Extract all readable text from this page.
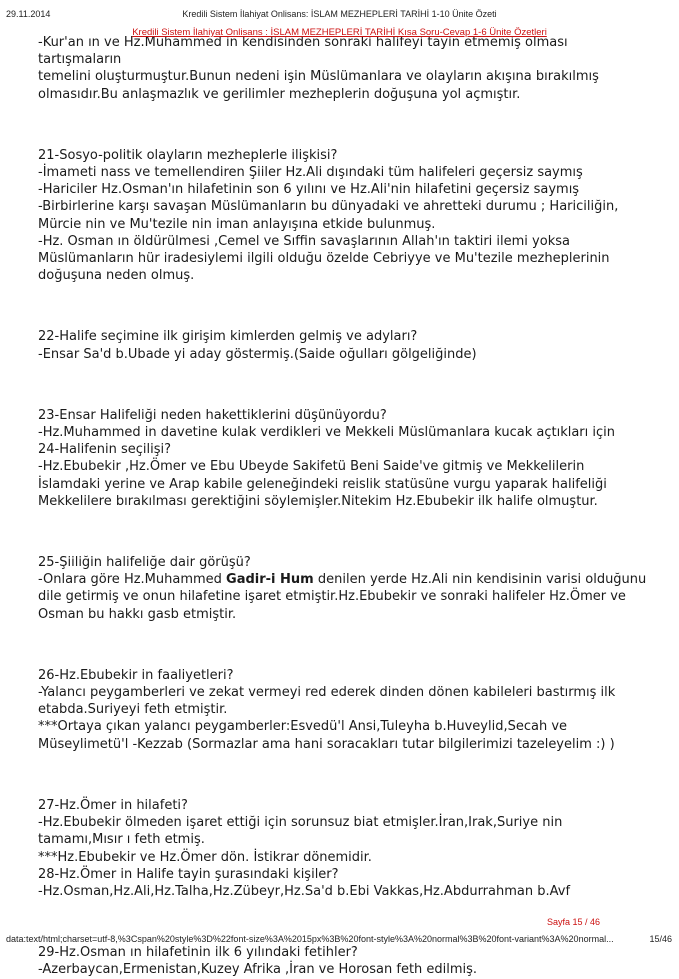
29.11.2014	Kredili Sistem İlahiyat Onlisans: İSLAM MEZHEPLERİ TARİHİ 1-10 Ünite Özeti
Kredili Sistem İlahiyat Onlisans : İSLAM MEZHEPLERİ TARİHİ Kısa Soru-Cevap 1-6 Ünite Özetleri

-Kur'an ın ve Hz.Muhammed in kendisinden sonraki halifeyi tayin etmemiş olması tartışmaların

temelini oluşturmuştur.Bunun nedeni işin Müslümanlara ve olayların akışına bırakılmış

olmasıdır.Bu anlaşmazlık ve gerilimler mezheplerin doğuşuna yol açmıştır.

21-Sosyo-politik olayların mezheplerle ilişkisi?

-İmameti nass ve temellendiren Şiiler Hz.Ali dışındaki tüm halifeleri geçersiz saymış

-Hariciler Hz.Osman'ın hilafetinin son 6 yılını ve Hz.Ali'nin hilafetini geçersiz saymış

-Birbirlerine karşı savaşan Müslümanların bu dünyadaki ve ahretteki durumu ; Hariciliğin,

Mürcie nin ve Mu'tezile nin iman anlayışına etkide bulunmuş.

-Hz. Osman ın öldürülmesi ,Cemel ve Sıffin savaşlarının Allah'ın taktiri ilemi yoksa

Müslümanların hür iradesiylemi ilgili olduğu özelde Cebriyye ve Mu'tezile mezheplerinin

doğuşuna neden olmuş.

22-Halife seçimine ilk girişim kimlerden gelmiş ve adyları?

-Ensar Sa'd b.Ubade yi aday göstermiş.(Saide oğulları gölgeliğinde)

23-Ensar Halifeliği neden hakettiklerini düşünüyordu?

-Hz.Muhammed in davetine kulak verdikleri ve Mekkeli Müslümanlara kucak açtıkları için

24-Halifenin seçilişi?

-Hz.Ebubekir ,Hz.Ömer ve Ebu Ubeyde Sakifetü Beni Saide've gitmiş ve Mekkelilerin

İslamdaki yerine ve Arap kabile geleneğindeki reislik statüsüne vurgu yaparak halifeliği

Mekkelilere bırakılması gerektiğini söylemişler.Nitekim Hz.Ebubekir ilk halife olmuştur.

25-Şiiliğin halifeliğe dair görüşü?

-Onlara göre Hz.Muhammed Gadir-i Hum denilen yerde Hz.Ali nin kendisinin varisi olduğunu

dile getirmiş ve onun hilafetine işaret etmiştir.Hz.Ebubekir ve sonraki halifeler Hz.Ömer ve

Osman bu hakkı gasb etmiştir.

26-Hz.Ebubekir in faaliyetleri?

-Yalancı peygamberleri ve zekat vermeyi red ederek dinden dönen kabileleri bastırmış ilk

etabda.Suriyeyi feth etmiştir.

***Ortaya çıkan yalancı peygamberler:Esvedü'l Ansi,Tuleyha b.Huveylid,Secah ve

Müseylimetü'l -Kezzab (Sormazlar ama hani soracakları tutar bilgilerimizi tazeleyelim :) )

27-Hz.Ömer in hilafeti?

-Hz.Ebubekir ölmeden işaret ettiği için sorunsuz biat etmişler.İran,Irak,Suriye nin

tamamı,Mısır ı feth etmiş.

***Hz.Ebubekir ve Hz.Ömer dön. İstikrar dönemidir.

28-Hz.Ömer in Halife tayin şurasındaki kişiler?

-Hz.Osman,Hz.Ali,Hz.Talha,Hz.Zübeyr,Hz.Sa'd b.Ebi Vakkas,Hz.Abdurrahman b.Avf

29-Hz.Osman ın hilafetinin ilk 6 yılındaki fetihler?

-Azerbaycan,Ermenistan,Kuzey Afrika ,İran ve Horosan feth edilmiş.

Sayfa 15 / 46
data:text/html;charset=utf-8,%3Cspan%20style%3D%22font-size%3A%2015px%3B%20font-style%3A%20normal%3B%20font-variant%3A%20normal...	15/46
